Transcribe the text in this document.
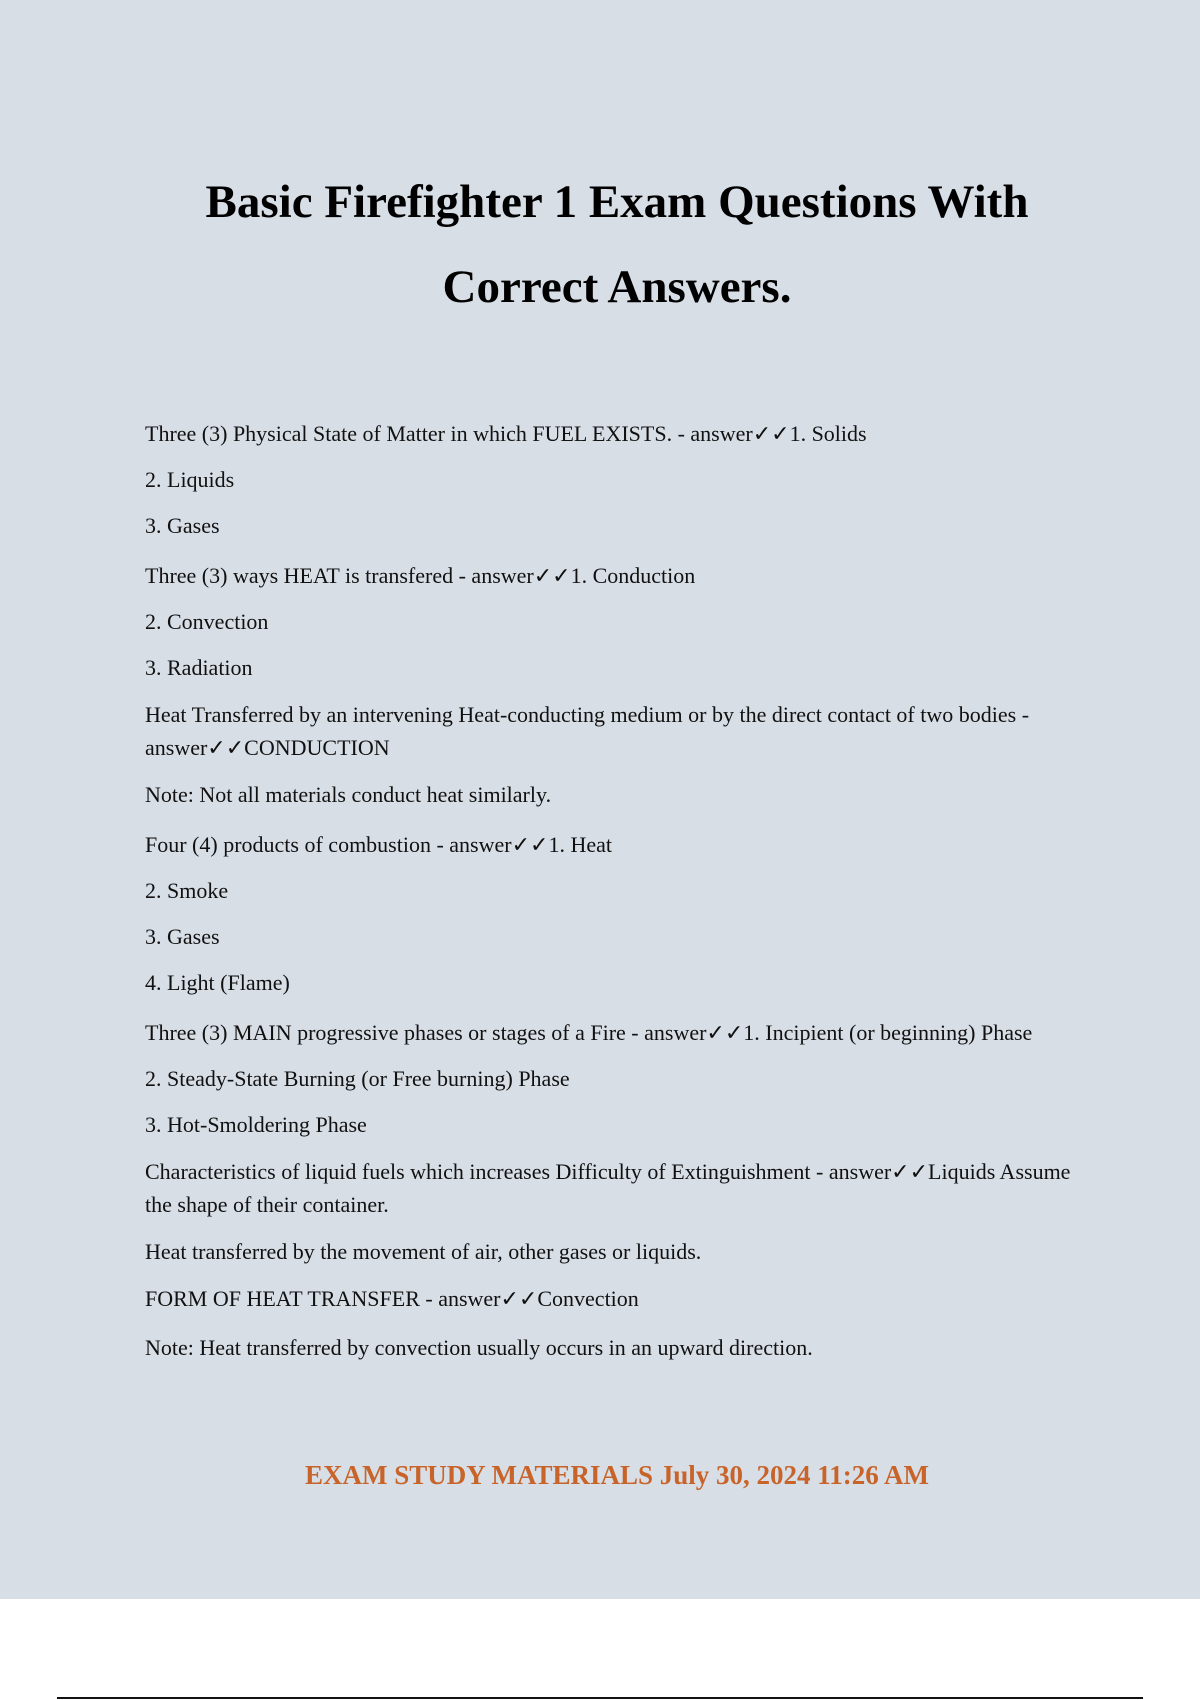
Basic Firefighter 1 Exam Questions With
Correct Answers.

Three (3) Physical State of Matter in which FUEL EXISTS. - answer✓✓1. Solids

2. Liquids

3. Gases

Three (3) ways HEAT is transfered - answer✓✓1. Conduction

2. Convection

3. Radiation

Heat Transferred by an intervening Heat-conducting medium or by the direct contact of two bodies - answer✓✓CONDUCTION

Note: Not all materials conduct heat similarly.

Four (4) products of combustion - answer✓✓1. Heat

2. Smoke

3. Gases

4. Light (Flame)

Three (3) MAIN progressive phases or stages of a Fire - answer✓✓1. Incipient (or beginning) Phase

2. Steady-State Burning (or Free burning) Phase

3. Hot-Smoldering Phase

Characteristics of liquid fuels which increases Difficulty of Extinguishment - answer✓✓Liquids Assume the shape of their container.

Heat transferred by the movement of air, other gases or liquids.

FORM OF HEAT TRANSFER - answer✓✓Convection

Note: Heat transferred by convection usually occurs in an upward direction.

EXAM STUDY MATERIALS July 30, 2024 11:26 AM
